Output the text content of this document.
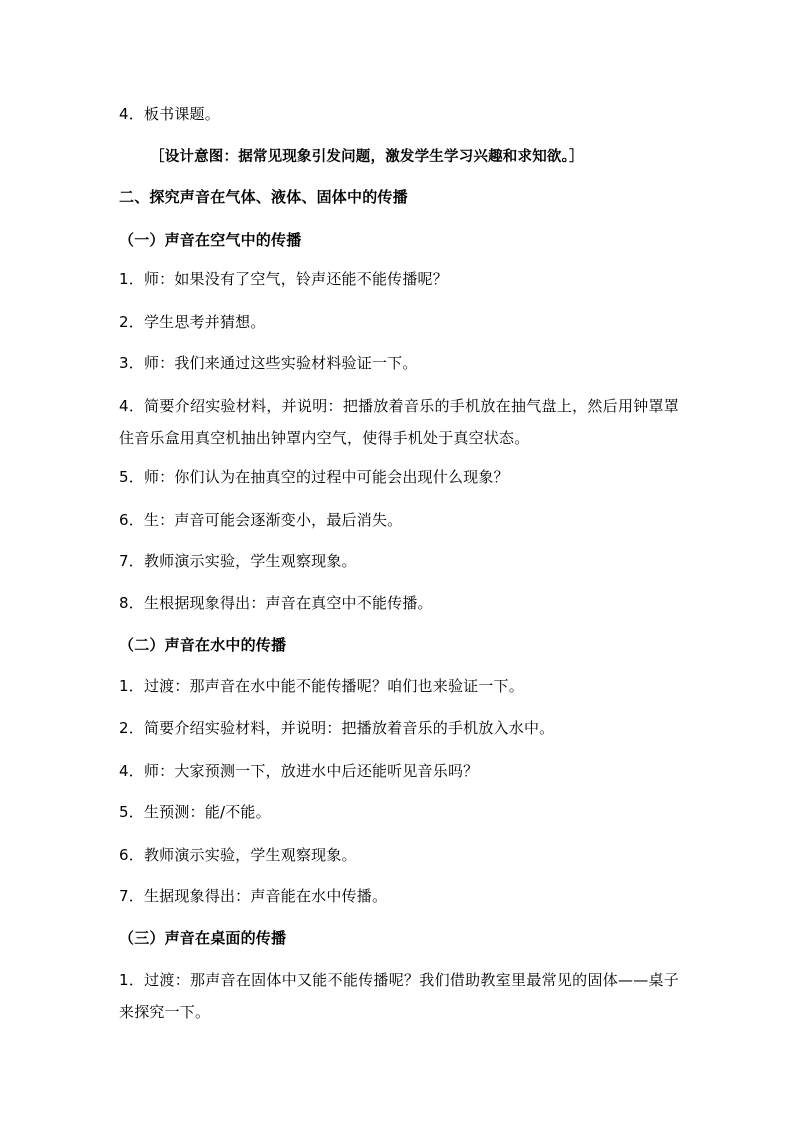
4．板书课题。
［设计意图：据常见现象引发问题，激发学生学习兴趣和求知欲。］
二、探究声音在气体、液体、固体中的传播
（一）声音在空气中的传播
1．师：如果没有了空气，铃声还能不能传播呢？
2．学生思考并猜想。
3．师：我们来通过这些实验材料验证一下。
4．简要介绍实验材料，并说明：把播放着音乐的手机放在抽气盘上，然后用钟罩罩住音乐盒用真空机抽出钟罩内空气，使得手机处于真空状态。
5．师：你们认为在抽真空的过程中可能会出现什么现象？
6．生：声音可能会逐渐变小，最后消失。
7．教师演示实验，学生观察现象。
8．生根据现象得出：声音在真空中不能传播。
（二）声音在水中的传播
1．过渡：那声音在水中能不能传播呢？咱们也来验证一下。
2．简要介绍实验材料，并说明：把播放着音乐的手机放入水中。
4．师：大家预测一下，放进水中后还能听见音乐吗？
5．生预测：能/不能。
6．教师演示实验，学生观察现象。
7．生据现象得出：声音能在水中传播。
（三）声音在桌面的传播
1．过渡：那声音在固体中又能不能传播呢？我们借助教室里最常见的固体——桌子来探究一下。
